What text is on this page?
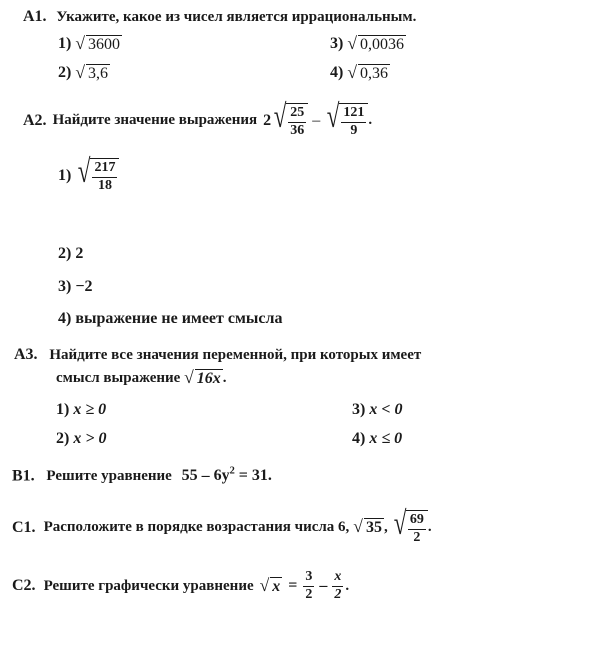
А1. Укажите, какое из чисел является иррациональным.
1) √ 3600
2) √ 3,6
3) √ 0,0036
4) √ 0,36
А2. Найдите значение выражения 2 √ $\frac{25}{36}$ – √ $\frac{121}{9}$ .
1) √ $\frac{217}{18}$
2) 2
3) −2
4) выражение не имеет смысла
А3. Найдите все значения переменной, при которых имеет
смысл выражение √ 16x .
1) x ≥ 0
2) x > 0
3) x < 0
4) x ≤ 0
В1. Решите уравнение $55 - 6y^2 = 31$.
С1. Расположите в порядке возрастания числа 6, √ 35 , √ $\frac{69}{2}$ .
С2. Решите графически уравнение √ $x = \frac{3}{2} - \frac{x}{2}$ .
